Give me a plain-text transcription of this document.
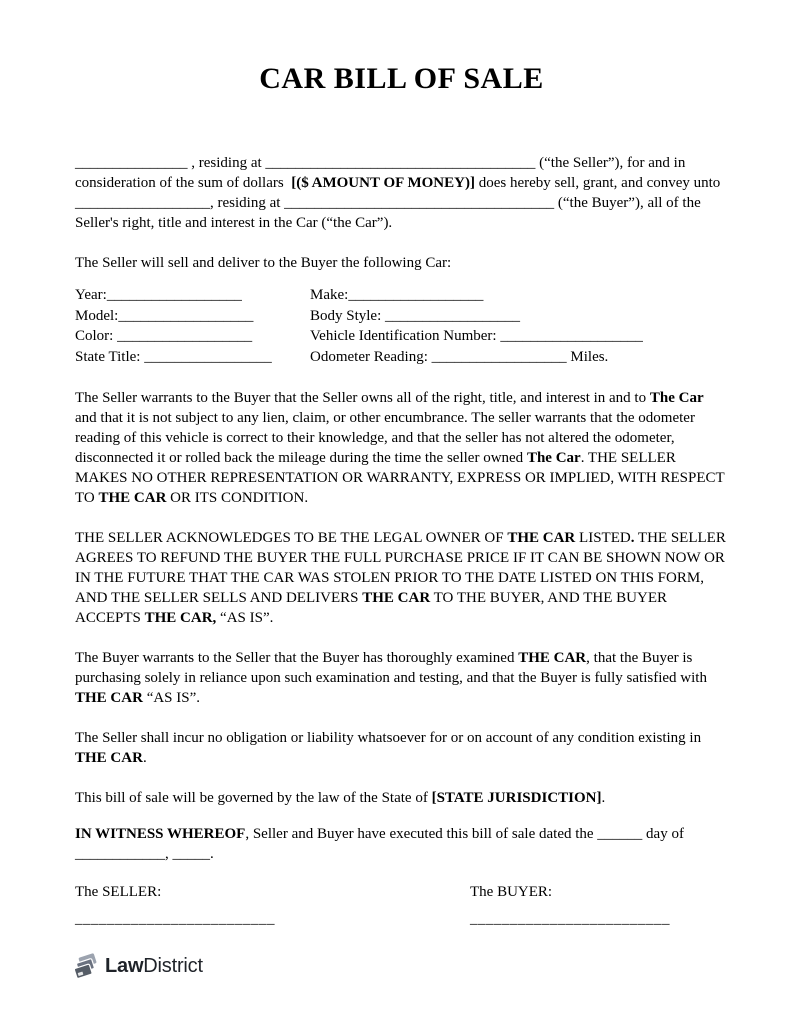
CAR BILL OF SALE

_______________ , residing at ____________________________________ (“the Seller”), for and in consideration of the sum of dollars  [($ AMOUNT OF MONEY)] does hereby sell, grant, and convey unto __________________, residing at ____________________________________ (“the Buyer”), all of the Seller's right, title and interest in the Car (“the Car”).

The Seller will sell and deliver to the Buyer the following Car:

Year:__________________	Make:__________________
Model:__________________	Body Style: __________________
Color: __________________	Vehicle Identification Number: ___________________
State Title: _________________	Odometer Reading: __________________ Miles.

The Seller warrants to the Buyer that the Seller owns all of the right, title, and interest in and to The Car and that it is not subject to any lien, claim, or other encumbrance. The seller warrants that the odometer reading of this vehicle is correct to their knowledge, and that the seller has not altered the odometer, disconnected it or rolled back the mileage during the time the seller owned The Car. THE SELLER MAKES NO OTHER REPRESENTATION OR WARRANTY, EXPRESS OR IMPLIED, WITH RESPECT TO THE CAR OR ITS CONDITION.

THE SELLER ACKNOWLEDGES TO BE THE LEGAL OWNER OF THE CAR LISTED. THE SELLER AGREES TO REFUND THE BUYER THE FULL PURCHASE PRICE IF IT CAN BE SHOWN NOW OR IN THE FUTURE THAT THE CAR WAS STOLEN PRIOR TO THE DATE LISTED ON THIS FORM, AND THE SELLER SELLS AND DELIVERS THE CAR TO THE BUYER, AND THE BUYER ACCEPTS THE CAR, “AS IS”.

The Buyer warrants to the Seller that the Buyer has thoroughly examined THE CAR, that the Buyer is purchasing solely in reliance upon such examination and testing, and that the Buyer is fully satisfied with THE CAR “AS IS”.

The Seller shall incur no obligation or liability whatsoever for or on account of any condition existing in THE CAR.

This bill of sale will be governed by the law of the State of [STATE JURISDICTION].

IN WITNESS WHEREOF, Seller and Buyer have executed this bill of sale dated the ______ day of ____________, _____.

The SELLER:
_________________________
The BUYER:
_________________________
LawDistrict
